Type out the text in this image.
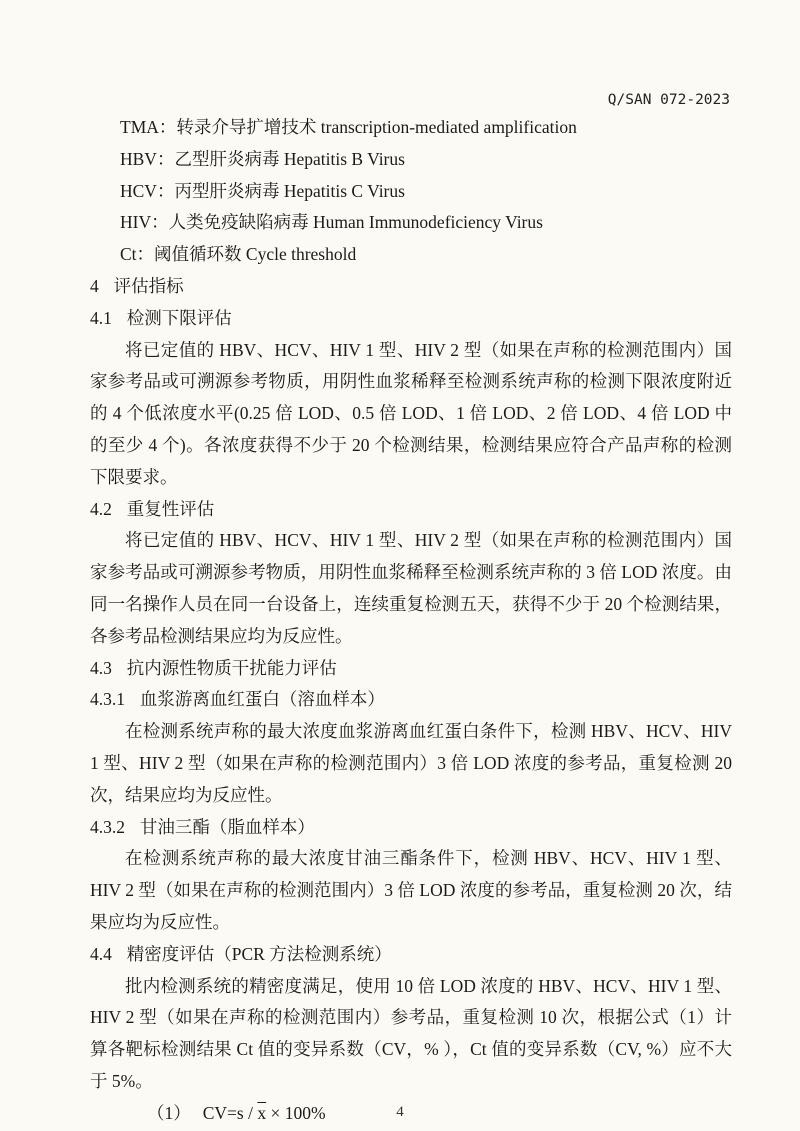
Q/SAN 072-2023

TMA：转录介导扩增技术 transcription-mediated amplification

HBV：乙型肝炎病毒 Hepatitis B Virus

HCV：丙型肝炎病毒 Hepatitis C Virus

HIV：人类免疫缺陷病毒 Human Immunodeficiency Virus

Ct：阈值循环数 Cycle threshold

4 评估指标

4.1 检测下限评估

将已定值的 HBV、HCV、HIV 1 型、HIV 2 型（如果在声称的检测范围内）国家参考品或可溯源参考物质，用阴性血浆稀释至检测系统声称的检测下限浓度附近的 4 个低浓度水平(0.25 倍 LOD、0.5 倍 LOD、1 倍 LOD、2 倍 LOD、4 倍 LOD 中的至少 4 个)。各浓度获得不少于 20 个检测结果，检测结果应符合产品声称的检测下限要求。

4.2 重复性评估

将已定值的 HBV、HCV、HIV 1 型、HIV 2 型（如果在声称的检测范围内）国家参考品或可溯源参考物质，用阴性血浆稀释至检测系统声称的 3 倍 LOD 浓度。由同一名操作人员在同一台设备上，连续重复检测五天，获得不少于 20 个检测结果，各参考品检测结果应均为反应性。

4.3 抗内源性物质干扰能力评估

4.3.1 血浆游离血红蛋白（溶血样本）

在检测系统声称的最大浓度血浆游离血红蛋白条件下，检测 HBV、HCV、HIV 1 型、HIV 2 型（如果在声称的检测范围内）3 倍 LOD 浓度的参考品，重复检测 20 次，结果应均为反应性。

4.3.2 甘油三酯（脂血样本）

在检测系统声称的最大浓度甘油三酯条件下，检测 HBV、HCV、HIV 1 型、HIV 2 型（如果在声称的检测范围内）3 倍 LOD 浓度的参考品，重复检测 20 次，结果应均为反应性。

4.4 精密度评估（PCR 方法检测系统）

批内检测系统的精密度满足，使用 10 倍 LOD 浓度的 HBV、HCV、HIV 1 型、HIV 2 型（如果在声称的检测范围内）参考品，重复检测 10 次，根据公式（1）计算各靶标检测结果 Ct 值的变异系数（CV，% ），Ct 值的变异系数（CV, %）应不大于 5%。

（1） $CV=s / \overline{x} \times 100\%$	4
